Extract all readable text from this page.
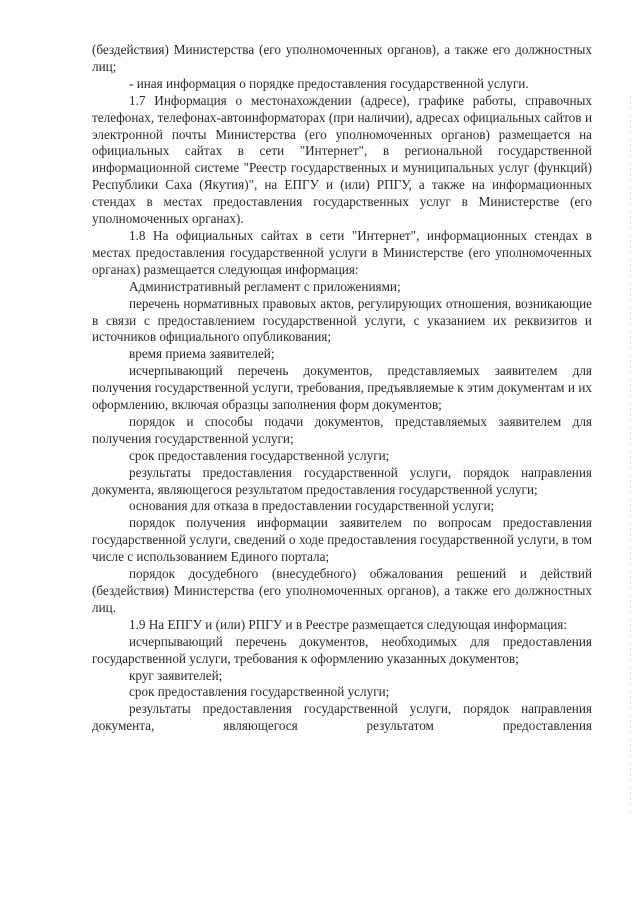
(бездействия) Министерства (его уполномоченных органов), а также его должностных лиц;

- иная информация о порядке предоставления государственной услуги.

1.7 Информация о местонахождении (адресе), графике работы, справочных телефонах, телефонах-автоинформаторах (при наличии), адресах официальных сайтов и электронной почты Министерства (его уполномоченных органов) размещается на официальных сайтах в сети "Интернет", в региональной государственной информационной системе "Реестр государственных и муниципальных услуг (функций) Республики Саха (Якутия)", на ЕПГУ и (или) РПГУ, а также на информационных стендах в местах предоставления государственных услуг в Министерстве (его уполномоченных органах).

1.8 На официальных сайтах в сети "Интернет", информационных стендах в местах предоставления государственной услуги в Министерстве (его уполномоченных органах) размещается следующая информация:

Административный регламент с приложениями;

перечень нормативных правовых актов, регулирующих отношения, возникающие в связи с предоставлением государственной услуги, с указанием их реквизитов и источников официального опубликования;

время приема заявителей;

исчерпывающий перечень документов, представляемых заявителем для получения государственной услуги, требования, предъявляемые к этим документам и их оформлению, включая образцы заполнения форм документов;

порядок и способы подачи документов, представляемых заявителем для получения государственной услуги;

срок предоставления государственной услуги;

результаты предоставления государственной услуги, порядок направления документа, являющегося результатом предоставления государственной услуги;

основания для отказа в предоставлении государственной услуги;

порядок получения информации заявителем по вопросам предоставления государственной услуги, сведений о ходе предоставления государственной услуги, в том числе с использованием Единого портала;

порядок досудебного (внесудебного) обжалования решений и действий (бездействия) Министерства (его уполномоченных органов), а также его должностных лиц.

1.9 На ЕПГУ и (или) РПГУ и в Реестре размещается следующая информация:

исчерпывающий перечень документов, необходимых для предоставления государственной услуги, требования к оформлению указанных документов;

круг заявителей;

срок предоставления государственной услуги;

результаты предоставления государственной услуги, порядок направления документа, являющегося результатом предоставления
